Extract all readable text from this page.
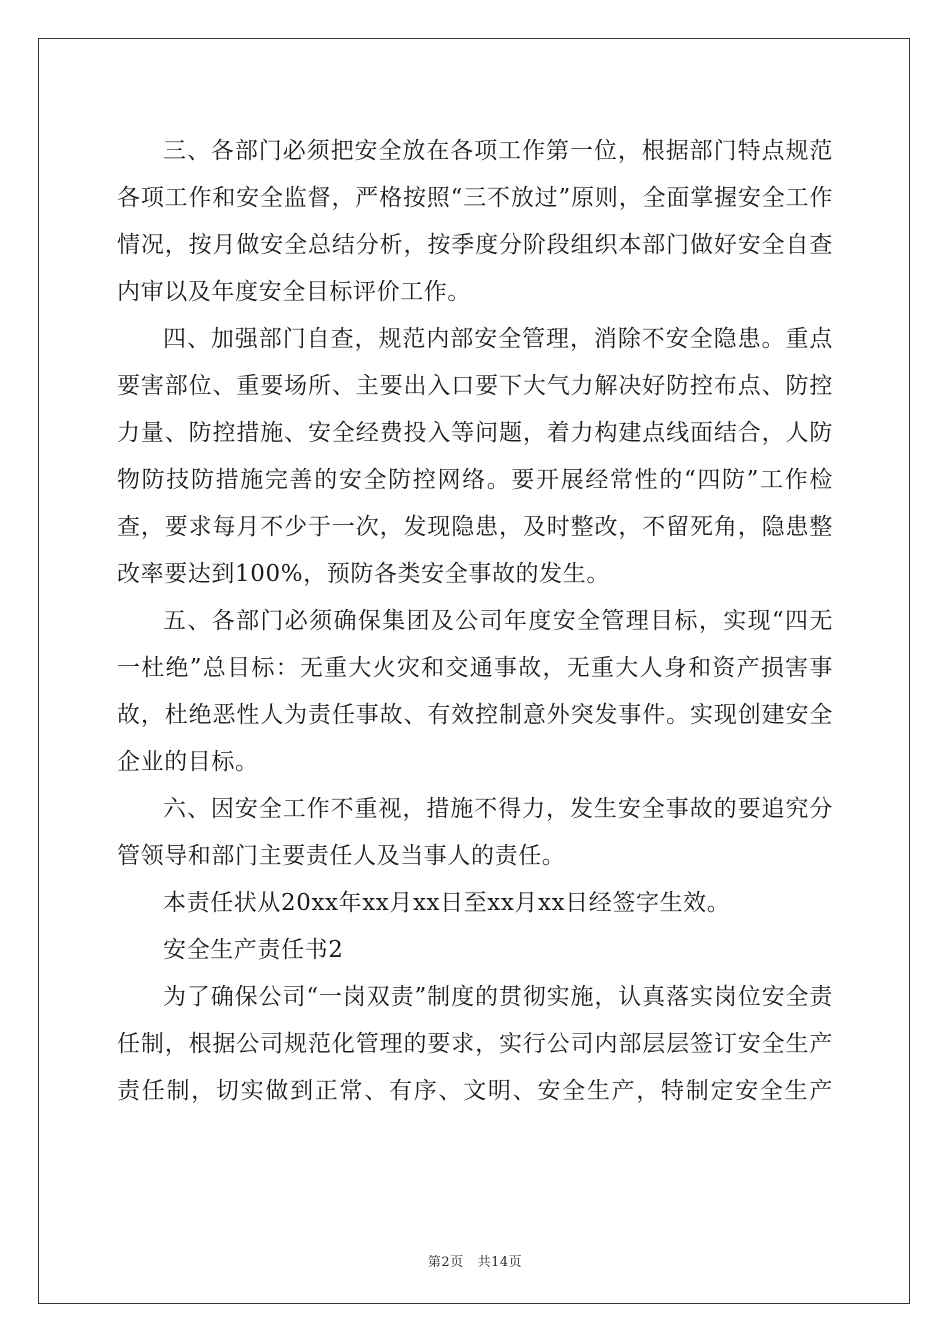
三、各部门必须把安全放在各项工作第一位，根据部门特点规范各项工作和安全监督，严格按照“三不放过”原则，全面掌握安全工作情况，按月做安全总结分析，按季度分阶段组织本部门做好安全自查内审以及年度安全目标评价工作。

四、加强部门自查，规范内部安全管理，消除不安全隐患。重点要害部位、重要场所、主要出入口要下大气力解决好防控布点、防控力量、防控措施、安全经费投入等问题，着力构建点线面结合，人防物防技防措施完善的安全防控网络。要开展经常性的“四防”工作检查，要求每月不少于一次，发现隐患，及时整改，不留死角，隐患整改率要达到100%，预防各类安全事故的发生。

五、各部门必须确保集团及公司年度安全管理目标，实现“四无一杜绝”总目标：无重大火灾和交通事故，无重大人身和资产损害事故，杜绝恶性人为责任事故、有效控制意外突发事件。实现创建安全企业的目标。

六、因安全工作不重视，措施不得力，发生安全事故的要追究分管领导和部门主要责任人及当事人的责任。

本责任状从20xx年xx月xx日至xx月xx日经签字生效。

安全生产责任书2

为了确保公司“一岗双责”制度的贯彻实施，认真落实岗位安全责任制，根据公司规范化管理的要求，实行公司内部层层签订安全生产责任制，切实做到正常、有序、文明、安全生产，特制定安全生产

第2页 共14页
